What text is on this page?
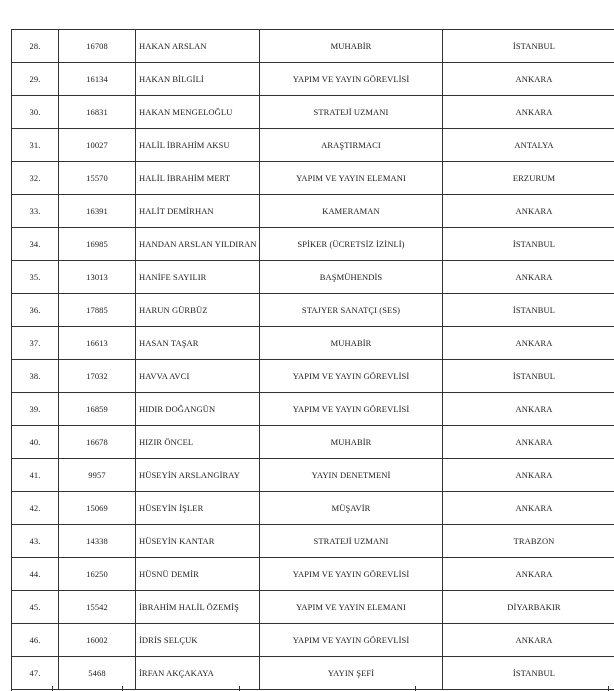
28.	16708	HAKAN ARSLAN	MUHABİR	İSTANBUL
29.	16134	HAKAN BİLGİLİ	YAPIM VE YAYIN GÖREVLİSİ	ANKARA
30.	16831	HAKAN MENGELOĞLU	STRATEJİ UZMANI	ANKARA
31.	10027	HALİL İBRAHİM AKSU	ARAŞTIRMACI	ANTALYA
32.	15570	HALİL İBRAHİM MERT	YAPIM VE YAYIN ELEMANI	ERZURUM
33.	16391	HALİT DEMİRHAN	KAMERAMAN	ANKARA
34.	16985	HANDAN ARSLAN YILDIRAN	SPİKER (ÜCRETSİZ İZİNLİ)	İSTANBUL
35.	13013	HANİFE SAYILIR	BAŞMÜHENDİS	ANKARA
36.	17885	HARUN GÜRBÜZ	STAJYER SANATÇI (SES)	İSTANBUL
37.	16613	HASAN TAŞAR	MUHABİR	ANKARA
38.	17032	HAVVA AVCI	YAPIM VE YAYIN GÖREVLİSİ	İSTANBUL
39.	16859	HIDIR DOĞANGÜN	YAPIM VE YAYIN GÖREVLİSİ	ANKARA
40.	16678	HIZIR ÖNCEL	MUHABİR	ANKARA
41.	9957	HÜSEYİN ARSLANGİRAY	YAYIN DENETMENİ	ANKARA
42.	15069	HÜSEYİN İŞLER	MÜŞAVİR	ANKARA
43.	14338	HÜSEYİN KANTAR	STRATEJİ UZMANI	TRABZON
44.	16250	HÜSNÜ DEMİR	YAPIM VE YAYIN GÖREVLİSİ	ANKARA
45.	15542	İBRAHİM HALİL ÖZEMİŞ	YAPIM VE YAYIN ELEMANI	DİYARBAKIR
46.	16002	İDRİS SELÇUK	YAPIM VE YAYIN GÖREVLİSİ	ANKARA
47.	5468	İRFAN AKÇAKAYA	YAYIN ŞEFİ	İSTANBUL
